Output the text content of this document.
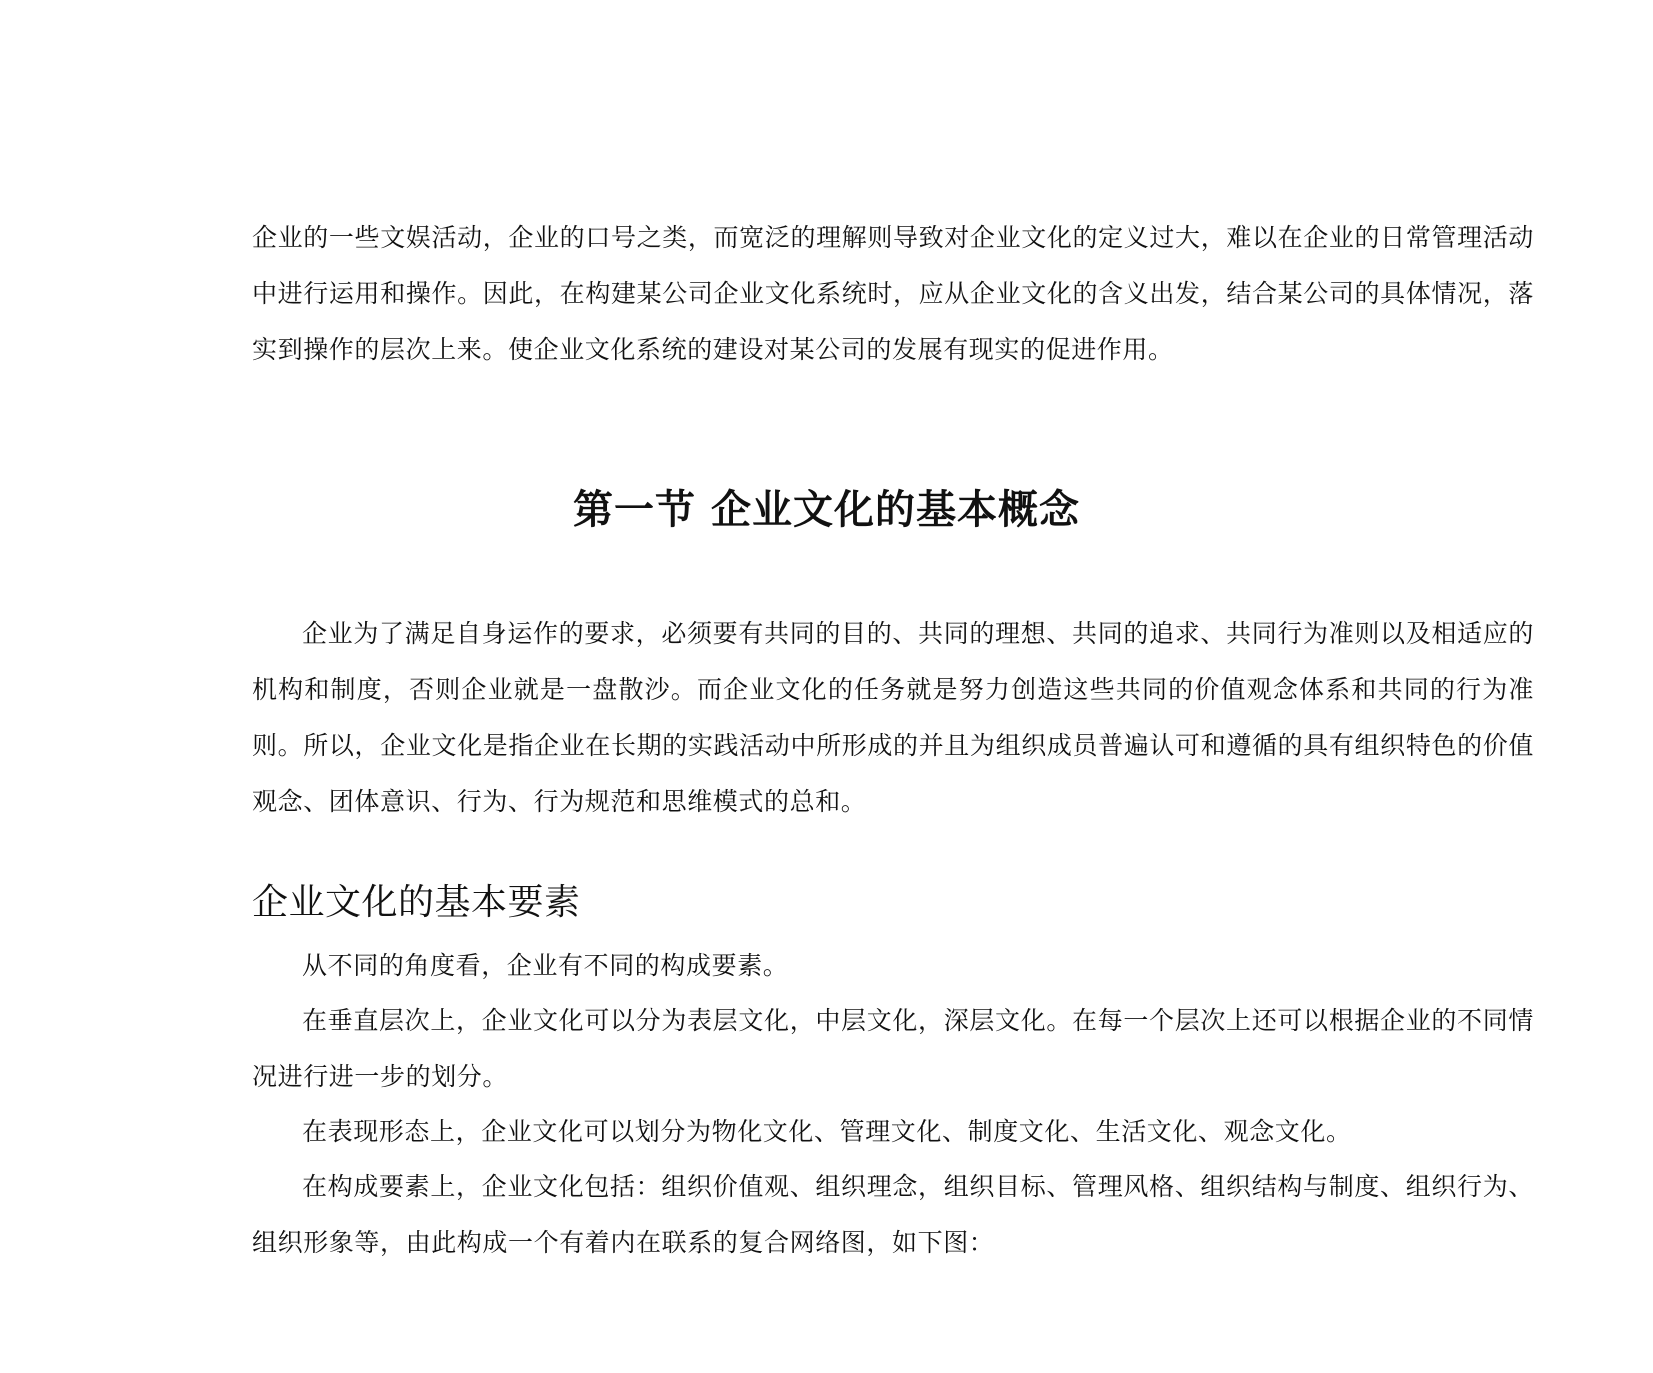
企业的一些文娱活动，企业的口号之类，而宽泛的理解则导致对企业文化的定义过大，难以在企业的日常管理活动中进行运用和操作。因此，在构建某公司企业文化系统时，应从企业文化的含义出发，结合某公司的具体情况，落实到操作的层次上来。使企业文化系统的建设对某公司的发展有现实的促进作用。

第一节 企业文化的基本概念

企业为了满足自身运作的要求，必须要有共同的目的、共同的理想、共同的追求、共同行为准则以及相适应的机构和制度，否则企业就是一盘散沙。而企业文化的任务就是努力创造这些共同的价值观念体系和共同的行为准则。所以，企业文化是指企业在长期的实践活动中所形成的并且为组织成员普遍认可和遵循的具有组织特色的价值观念、团体意识、行为、行为规范和思维模式的总和。

企业文化的基本要素

从不同的角度看，企业有不同的构成要素。

在垂直层次上，企业文化可以分为表层文化，中层文化，深层文化。在每一个层次上还可以根据企业的不同情况进行进一步的划分。

在表现形态上，企业文化可以划分为物化文化、管理文化、制度文化、生活文化、观念文化。

在构成要素上，企业文化包括：组织价值观、组织理念，组织目标、管理风格、组织结构与制度、组织行为、组织形象等，由此构成一个有着内在联系的复合网络图，如下图：
